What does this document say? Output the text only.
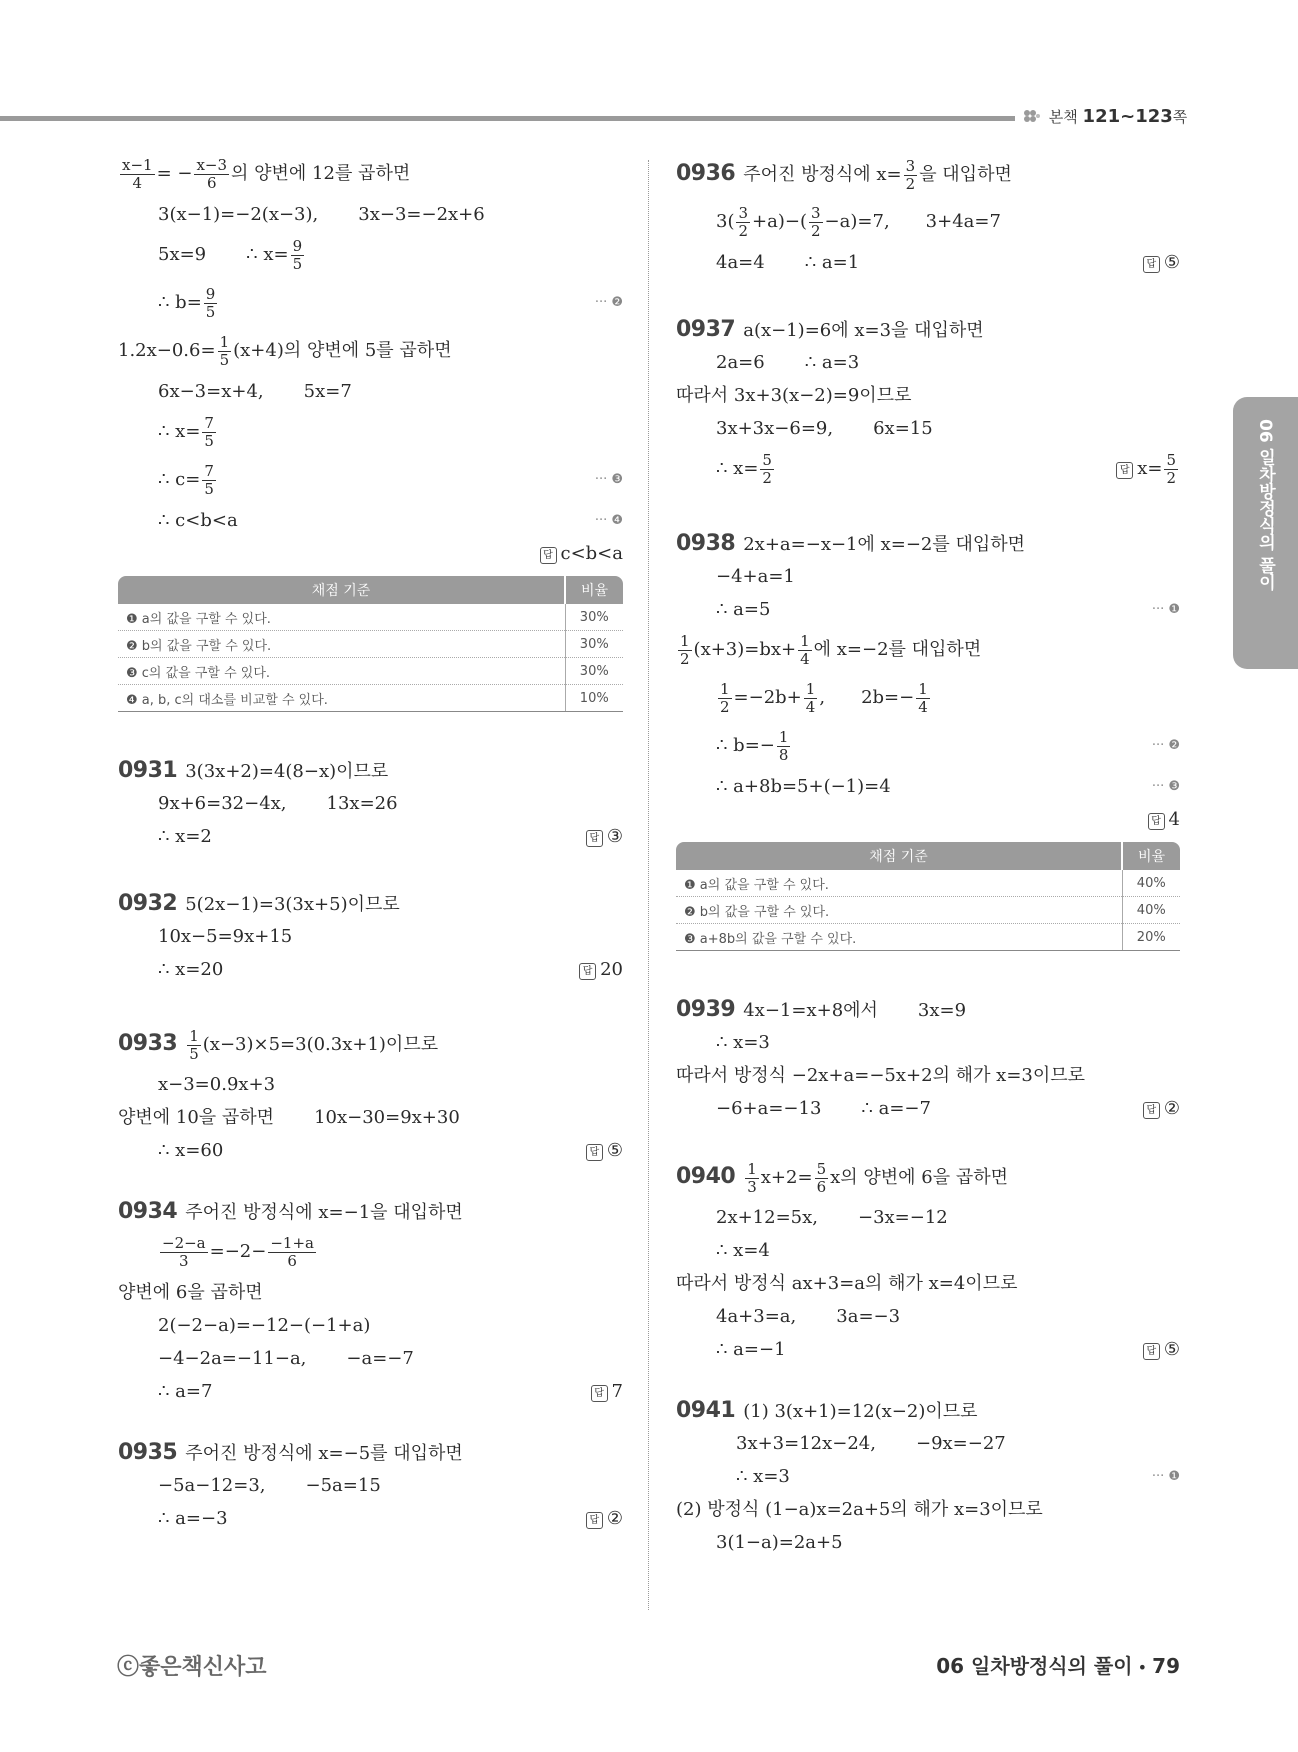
본책 121~123쪽
06 일차방정식의 풀이
$\frac{x-1}{4}$ = − $\frac{x-3}{6}$ 의 양변에 12를 곱하면
3(x−1)=−2(x−3), 3x−3=−2x+6
5x=9 ∴ $x= \frac{9}{5}$
∴ $b= \frac{9}{5}$	··· ❷
$1.2x-0.6= \frac{1}{5} (x+4)$의 양변에 5를 곱하면
6x−3=x+4, 5x=7
∴ $x= \frac{7}{5}$
∴ $c= \frac{7}{5}$	··· ❸
∴ c<b<a	··· ❹
답 c<b<a
채점 기준	비율
❶ a의 값을 구할 수 있다.	30%
❷ b의 값을 구할 수 있다.	30%
❸ c의 값을 구할 수 있다.	30%
❹ a, b, c의 대소를 비교할 수 있다.	10%
0931 3(3x+2)=4(8−x)이므로
9x+6=32−4x, 13x=26
∴ x=2	답 ③
0932 5(2x−1)=3(3x+5)이므로
10x−5=9x+15
∴ x=20	답 20
$0933 \frac{1}{5} (x-3)\times 5=3(0.3x+1)$이므로
x−3=0.9x+3
양변에 10을 곱하면 10x−30=9x+30
∴ x=60	답 ⑤
0934 주어진 방정식에 x=−1을 대입하면
$\frac{-2-a}{3} =-2- \frac{-1+a}{6}$
양변에 6을 곱하면
2(−2−a)=−12−(−1+a)
−4−2a=−11−a, −a=−7
∴ a=7	답 7
0935 주어진 방정식에 x=−5를 대입하면
−5a−12=3, −5a=15
∴ a=−3	답 ②
0936 주어진 방정식에 $x= \frac{3}{2}$ 을 대입하면
$3( \frac{3}{2} +a)-( \frac{3}{2} -a)=7$, 3+4a=7
4a=4 ∴ a=1	답 ⑤
0937 a(x−1)=6에 x=3을 대입하면
2a=6 ∴ a=3
따라서 3x+3(x−2)=9이므로
3x+3x−6=9, 6x=15
∴ $x= \frac{5}{2}$	답 $x= \frac{5}{2}$
0938 2x+a=−x−1에 x=−2를 대입하면
−4+a=1
∴ a=5	··· ❶
$\frac{1}{2} (x+3)=bx+ \frac{1}{4}$ 에 x=−2를 대입하면
$\frac{1}{2} =-2b+ \frac{1}{4}$ , $2b=- \frac{1}{4}$
∴ $b=- \frac{1}{8}$	··· ❷
∴ a+8b=5+(−1)=4	··· ❸
답 4
채점 기준	비율
❶ a의 값을 구할 수 있다.	40%
❷ b의 값을 구할 수 있다.	40%
❸ a+8b의 값을 구할 수 있다.	20%
0939 4x−1=x+8에서 3x=9
∴ x=3
따라서 방정식 −2x+a=−5x+2의 해가 x=3이므로
−6+a=−13 ∴ a=−7	답 ②
$0940 \frac{1}{3} x+2= \frac{5}{6}$ x의 양변에 6을 곱하면
2x+12=5x, −3x=−12
∴ x=4
따라서 방정식 ax+3=a의 해가 x=4이므로
4a+3=a, 3a=−3
∴ a=−1	답 ⑤
0941 (1) 3(x+1)=12(x−2)이므로
3x+3=12x−24, −9x=−27
∴ x=3	··· ❶
(2) 방정식 (1−a)x=2a+5의 해가 x=3이므로
3(1−a)=2a+5
ⓒ좋은책신사고	06 일차방정식의 풀이 • 79
